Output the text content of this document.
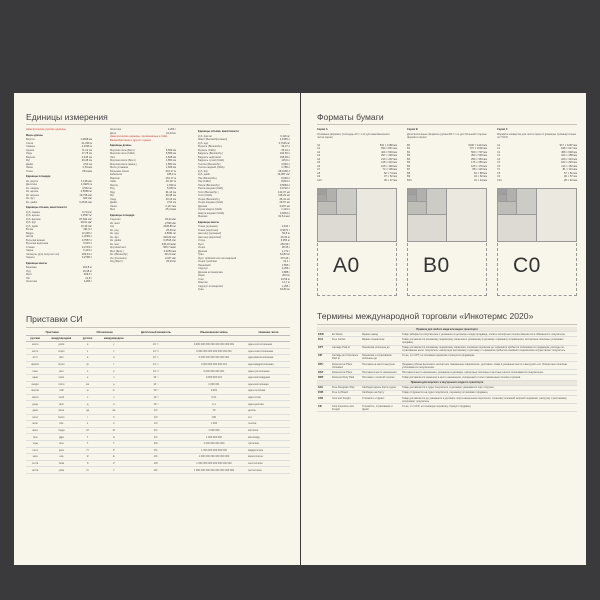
Единицы измерения
Неметрические русские единицы
Меры длины
Верста	1,0668 км
Сотка	21,336 м
Сажень	2,1336 м
Аршин	71,12 см
Пядь	17,78 см
Вершок	4,445 см
Фут	30,48 см
Дюйм	2,54 см
Линия	2,54 мм
Точка	254 мкм
Единицы площади
Кв. верста	1,138 км²
Десятина	1,0925 га
Кв. сажень	4,552 м²
Кв. аршин	0,5058 м²
Кв. вершок	19,758 см²
Кв. фут	929 см²
Кв. дюйм	6,4516 см²
Единицы объема, вместимости
Куб. сажень	9,713 м³
Куб. аршин	0,3597 м³
Куб. вершок	87,824 см³
Куб. фут	28,32 дм³
Куб. дюйм	16,39 см³
Бочка	491,9 л
Ведро	12,299 л
Штоф	1,2299 л
Бутылка винная	0,7687 л
Бутылка водочная	0,615 л
Стакан	0,2733 л
Чарка	0,123 л
Четверть (для сыпучих тел)	209,91 л
Гарнец	3,2798 л
Единицы массы
Берковец	163,8 кг
Пуд	16,38 кг
Фунт	409,5 г
Лот	12,8 г
Золотник	4,266 г
Золотник	4,266 г
Доля	44,43 мг
Неметрические единицы, применяемые в США, Великобритании и других странах
Единицы длины
Морская лига (Брит.)	5,560 км
Морская лига (США)	5,556 км
Лига	4,828 км
Морская миля (Брит.)	1,853 км
Морская миля (межд.)	1,852 км
Миля уставная	1,609 км
Большая линия	201,17 м
Кабельтов	185,2 м
Фарлонг	201,17 м
Чейн	20,117 м
Фатом	1,829 м
Род	5,029 м
Ярд	91,44 см
Фут	30,48 см
Хэнд	10,16 см
Дюйм	2,54 см
Линия	2,117 мм
Мил	25,4 мкм
Единицы площади
Тауншип	93,24 км²
Кв. миля	2,590 км²
Акр	4046,86 м²
Кв. род	25,29 м²
Кв. ярд	0,8361 м²
Кв. фут	929,03 см²
Кв. дюйм	6,4516 см²
Кв. мил	645,16 мкм²
Круговой мил	506,7 мкм²
Мил (Брит.)	0,0254 мм
Кв. (Великобр.)	101,9 мм²
Унг (Колония)	4,047 км²
Род (Брит.)	25,29 м²
Единицы объема, вместимости
Куб. фатом	6,116 м³
Кварт (Великобритания)	1,1365 л
Куб. ярд	0,7646 м³
Бушель (Великобр.)	36,37 л
Бушель (США)	35,24 л
Баррель (Великобр.)	163,66 л
Баррель нефтяной	158,99 л
Баррель сухой (США)	115,6 л
Галлон (Великобр.)	4,546 л
Галлон жидкий (США)	3,785 л
Куб. фут	28,3168 л
Куб. дюйм	16,387 см³
Пек (Великобр.)	9,092 л
Пек (США)	8,810 л
Пинта (Великобр.)	0,5683 л
Пинта жидкая (США)	0,4732 л
Гилл (Великобр.)	142,07 мл
Гилл (США)	118,29 мл
Унция (Великобр.)	28,41 мл
Унция жидкая (США)	29,57 мл
Драхма	3,697 мл
Сухая кварта (США)	1,101 л
Кварта жидкая (США)	0,9464 л
Минимс	61,61 мкл
Единицы массы
Тонна (длинная)	1,016 т
Тонна (короткая)	0,9072 т
Центнер (длинный)	50,8 кг
Центнер (короткий)	45,36 кг
Стоун	6,350 кг
Фунт	453,59 г
Унция	28,35 г
Драхма	1,772 г
Гран	64,80 мг
Фунт тройский или аптекарский	373,24 г
Унция тройская	31,1 г
Пеннивейт	1,555 г
Скрупул	1,296 г
Драхма аптекарская	3,888 г
Карат	200 мг
Слаг	14,59 кг
Квартер	12,7 кг
Скрупул аптекарский	1,296 г
Гран	64,80 мг
Приставки СИ
Приставка		Обозначение		Десятичный множитель	Обыкновенная запись	Название числа
русская	международная	русское	международное			
иокто	yocto	и	y	10⁻²⁴	0,000 000 000 000 000 000 000 001	одна септиллионная
зепто	zepto	з	z	10⁻²¹	0,000 000 000 000 000 000 001	одна секстиллионная
атто	atto	а	a	10⁻¹⁸	0,000 000 000 000 000 001	одна квинтиллионная
фемто	femto	ф	f	10⁻¹⁵	0,000 000 000 000 001	одна квадриллионная
пико	pico	п	p	10⁻¹²	0,000 000 000 001	одна триллионная
нано	nano	н	n	10⁻⁹	0,000 000 001	одна миллиардная
микро	micro	мк	µ	10⁻⁶	0,000 001	одна миллионная
милли	milli	м	m	10⁻³	0,001	одна тысячная
санти	centi	с	c	10⁻²	0,01	одна сотая
деци	deci	д	d	10⁻¹	0,1	одна десятая
дека	deca	да	da	10¹	10	десять
гекто	hecto	г	h	10²	100	сто
кило	kilo	к	k	10³	1 000	тысяча
мега	mega	М	M	10⁶	1 000 000	миллион
гига	giga	Г	G	10⁹	1 000 000 000	миллиард
тера	tera	Т	T	10¹²	1 000 000 000 000	триллион
пета	peta	П	P	10¹⁵	1 000 000 000 000 000	квадриллион
экса	exa	Э	E	10¹⁸	1 000 000 000 000 000 000	квинтиллион
зетта	zetta	З	Z	10²¹	1 000 000 000 000 000 000 000	секстиллион
иотта	yotta	И	Y	10²⁴	1 000 000 000 000 000 000 000 000	септиллион
Форматы бумаги
Серия А
Основные форматы (площадь А0 = 1 м² для максимального числа серии)
А0	841 × 1189 мм
А1	594 × 841 мм
А2	420 × 594 мм
А3	297 × 420 мм
А4	210 × 297 мм
А5	148 × 210 мм
А6	105 × 148 мм
А7	74 × 105 мм
А8	52 × 74 мм
А9	37 × 52 мм
А10	26 × 37 мм
Серия В
Дополнительные форматы (длина В0 = 1 м для большей стороны формата серии)
В0	1000 × 1414 мм
В1	707 × 1000 мм
В2	500 × 707 мм
В3	353 × 500 мм
В4	250 × 353 мм
В5	176 × 250 мм
В6	125 × 176 мм
В7	88 × 125 мм
В8	62 × 88 мм
В9	44 × 62 мм
В10	31 × 44 мм
Серия С
Форматы конвертов для листа серии А (размеры промежуточные по ГОСТ)
С0	917 × 1297 мм
С1	648 × 917 мм
С2	458 × 648 мм
С3	324 × 458 мм
С4	229 × 324 мм
С5	162 × 229 мм
С6	114 × 162 мм
С7	81 × 114 мм
С8	57 × 81 мм
С9	40 × 57 мм
С10	28 × 40 мм
A0	B0	C0
Термины международной торговли «Инкотермс 2020»
Правила для любого вида или видов транспорта			
EXW	Ex Works	Франко завод	Товар забирается покупателем с указанного в договоре склада продавца, оплата экспортных пошлин вменяется в обязанность покупателю.
FCA	Free Carrier	Франко перевозчик	Товар доставляется основному перевозчику заказчика к указанному в договоре терминалу отправления, экспортные пошлины уплачивает продавец.
CPT	Carriage Paid to	Перевозка оплачена до	Товар доставляется основному перевозчику заказчика, основная перевозка до терминала прибытия оплачивается продавцом, расходы по страхованию несет покупатель, импортную растаможку и доставку с терминала прибытия основного перевозчика осуществляет покупатель.
CIP	Carriage and Insurance Paid to	Перевозка и страхование оплачены до	То же, что CPT, но основная перевозка страхуется продавцом.
DPU	Delivered at Place Unloaded	Поставка на место выгрузки	Продавец обязан выполнить экспортное таможенное оформление, доставить товар в указанное место и выгрузить его. Импортные пошлины уплачиваются покупателем.
DAP	Delivered at Place	Поставка в месте назначения	Поставка в место назначения, указанное в договоре, импортные пошлины и местные налоги оплачиваются покупателем.
DDP	Delivered Duty Paid	Поставка с оплатой пошлин	Товар доставляется заказчику в место назначения, очищенный от всех таможенных пошлин и рисков.
Правила для морского и внутреннего водного транспорта			
FAS	Free Alongside Ship	Свободно вдоль борта судна	Товар доставляется к судну покупателя, в договоре указывается порт погрузки.
FOB	Free on Board	Свободно на борту	Товар отгружается на судно покупателя, перевалку оплачивает продавец.
CFR	Cost and Freight	Стоимость и фрахт	Товар доставляется до указанного в договоре порта назначения покупателя, страховку основной морской перевозки, разгрузку и растаможку оплачивает покупатель.
CIF	Cost Insurance and Freight	Стоимость, страхование и фрахт	То же, что CFR, но основную перевозку страхует продавец.
